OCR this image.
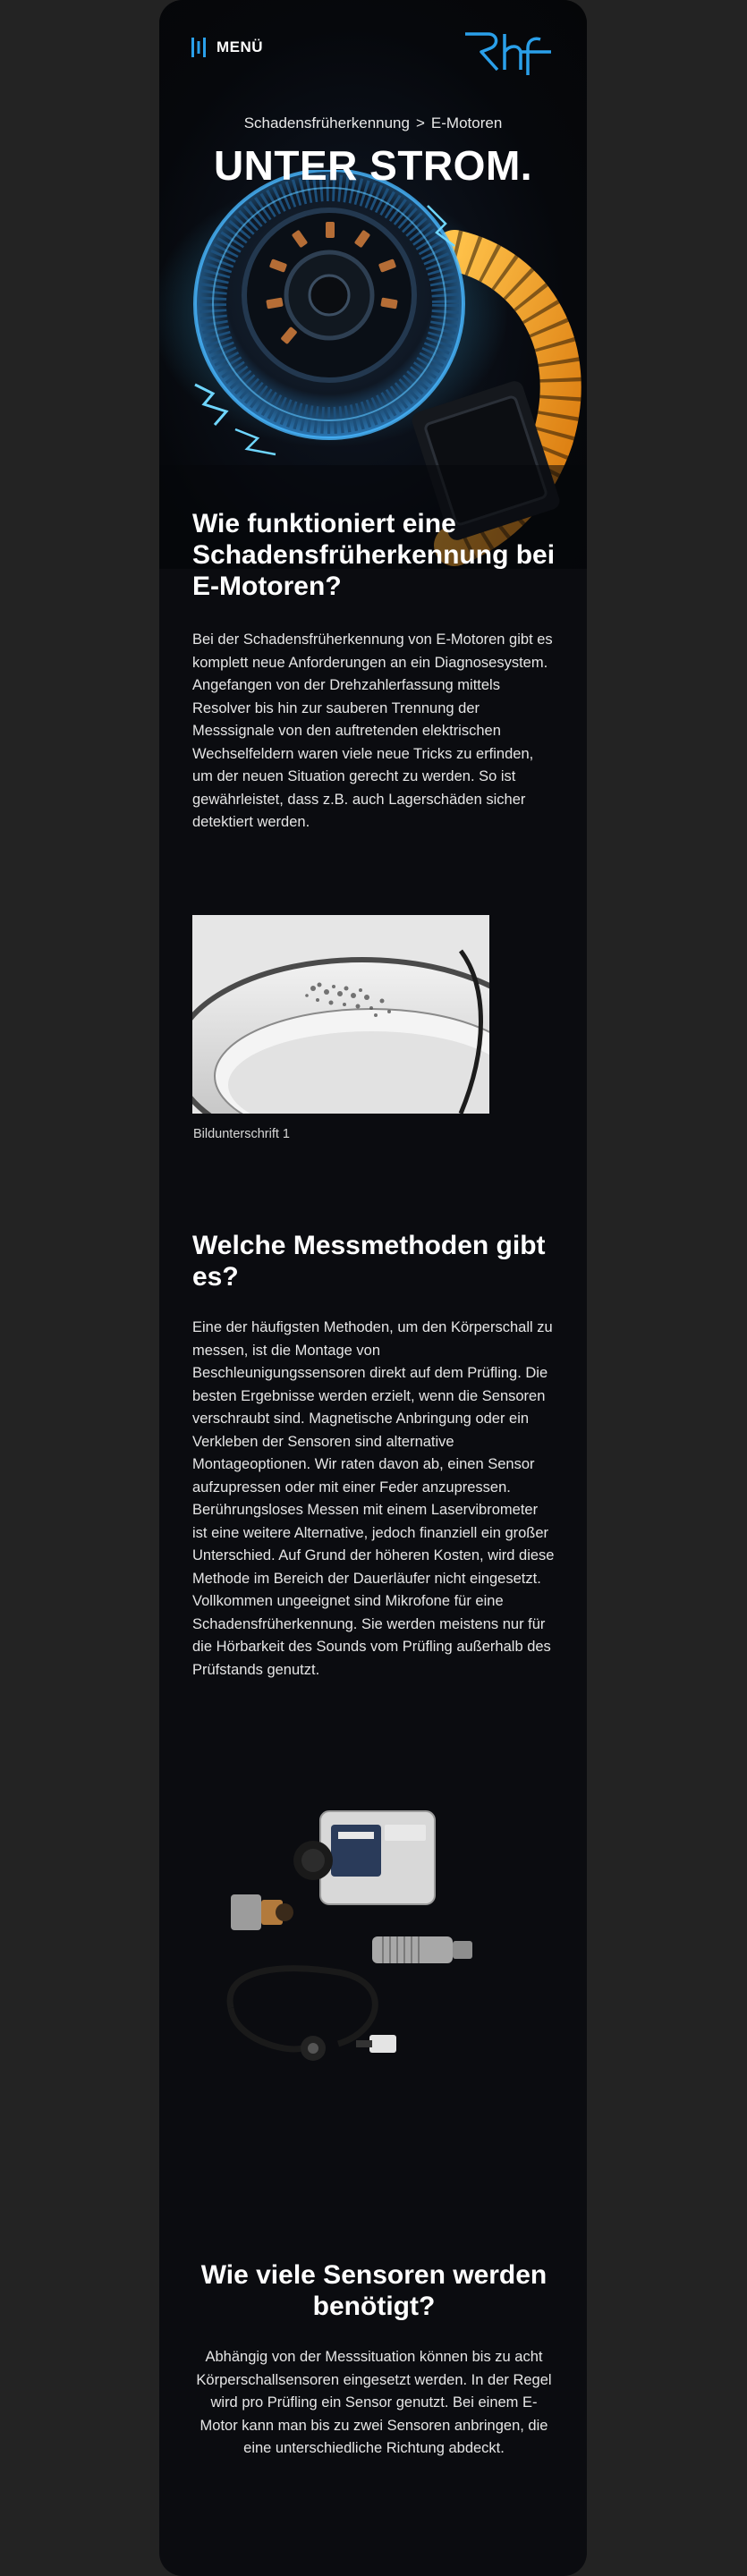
MENÜ
Schadensfrüherkennung > E-Motoren
UNTER STROM.
Wie funktioniert eine Schadensfrüherkennung bei E-Motoren?

Bei der Schadensfrüherkennung von E-Motoren gibt es komplett neue Anforderungen an ein Diagnosesystem. Angefangen von der Drehzahlerfassung mittels Resolver bis hin zur sauberen Trennung der Messsignale von den auftretenden elektrischen Wechselfeldern waren viele neue Tricks zu erfinden, um der neuen Situation gerecht zu werden. So ist gewährleistet, dass z.B. auch Lagerschäden sicher detektiert werden.

Bildunterschrift 1
Welche Messmethoden gibt es?

Eine der häufigsten Methoden, um den Körperschall zu messen, ist die Montage von Beschleunigungssensoren direkt auf dem Prüfling. Die besten Ergebnisse werden erzielt, wenn die Sensoren verschraubt sind. Magnetische Anbringung oder ein Verkleben der Sensoren sind alternative Montageoptionen. Wir raten davon ab, einen Sensor aufzupressen oder mit einer Feder anzupressen. Berührungsloses Messen mit einem Laservibrometer ist eine weitere Alternative, jedoch finanziell ein großer Unterschied. Auf Grund der höheren Kosten, wird diese Methode im Bereich der Dauerläufer nicht eingesetzt. Vollkommen ungeeignet sind Mikrofone für eine Schadensfrüherkennung. Sie werden meistens nur für die Hörbarkeit des Sounds vom Prüfling außerhalb des Prüfstands genutzt.

Wie viele Sensoren werden benötigt?

Abhängig von der Messsituation können bis zu acht Körperschallsensoren eingesetzt werden. In der Regel wird pro Prüfling ein Sensor genutzt. Bei einem E-Motor kann man bis zu zwei Sensoren anbringen, die eine unterschiedliche Richtung abdeckt.
